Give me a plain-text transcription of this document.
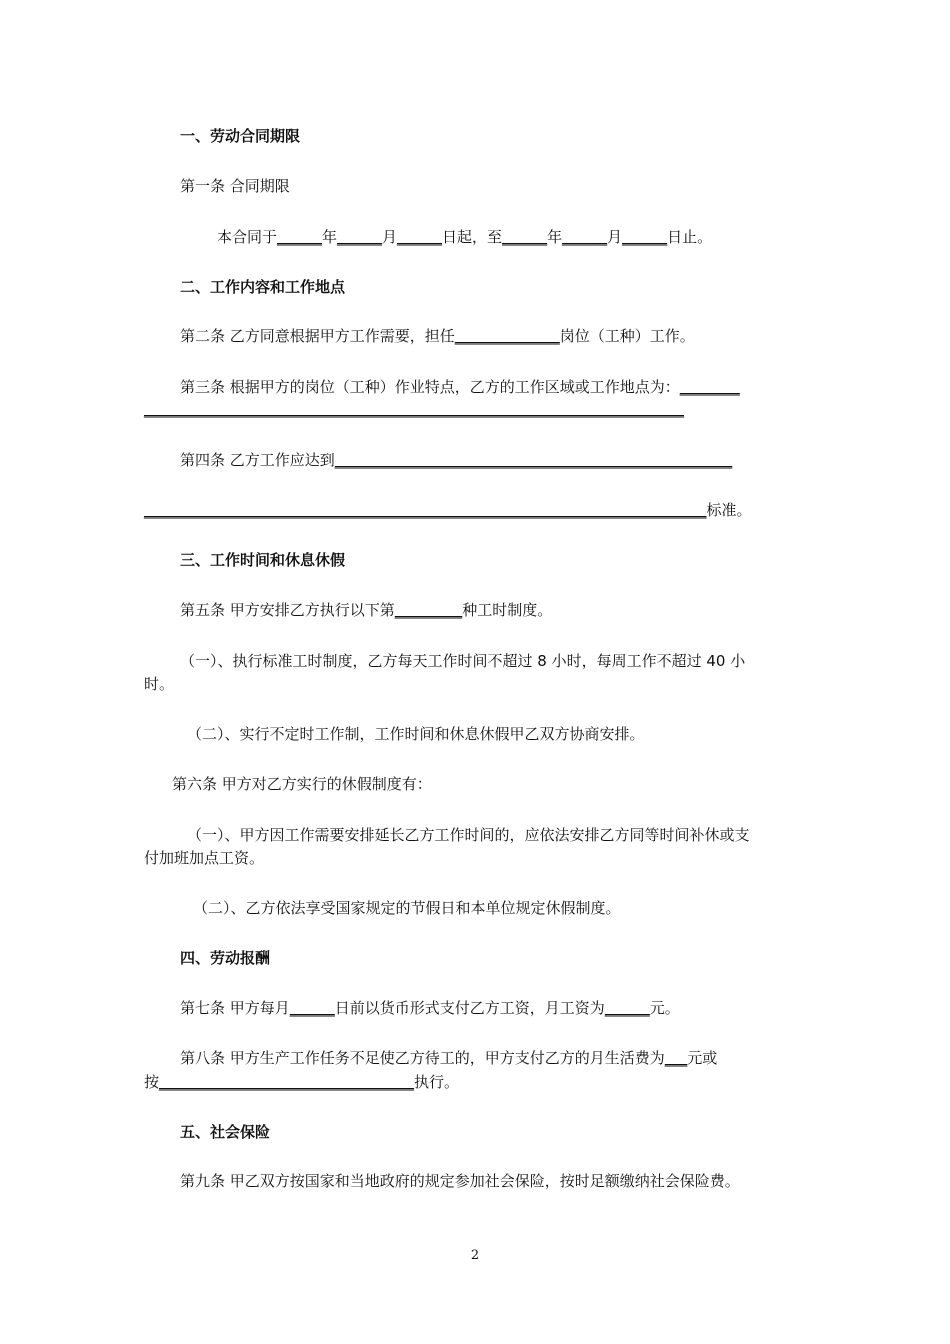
一、劳动合同期限

第一条 合同期限

本合同于______年______月______日起，至______年______月______日止。

二、工作内容和工作地点

第二条 乙方同意根据甲方工作需要，担任______________岗位（工种）工作。

第三条 根据甲方的岗位（工种）作业特点，乙方的工作区域或工作地点为：________

________________________________________________________________________

第四条 乙方工作应达到_____________________________________________________

___________________________________________________________________________标准。

三、工作时间和休息休假

第五条 甲方安排乙方执行以下第_________种工时制度。

（一）、执行标准工时制度，乙方每天工作时间不超过 8 小时，每周工作不超过 40 小

时。

（二）、实行不定时工作制，工作时间和休息休假甲乙双方协商安排。

第六条 甲方对乙方实行的休假制度有：

（一）、甲方因工作需要安排延长乙方工作时间的，应依法安排乙方同等时间补休或支

付加班加点工资。

（二）、乙方依法享受国家规定的节假日和本单位规定休假制度。

四、劳动报酬

第七条 甲方每月______日前以货币形式支付乙方工资，月工资为______元。

第八条 甲方生产工作任务不足使乙方待工的，甲方支付乙方的月生活费为___元或

按__________________________________执行。

五、社会保险

第九条 甲乙双方按国家和当地政府的规定参加社会保险，按时足额缴纳社会保险费。

2
